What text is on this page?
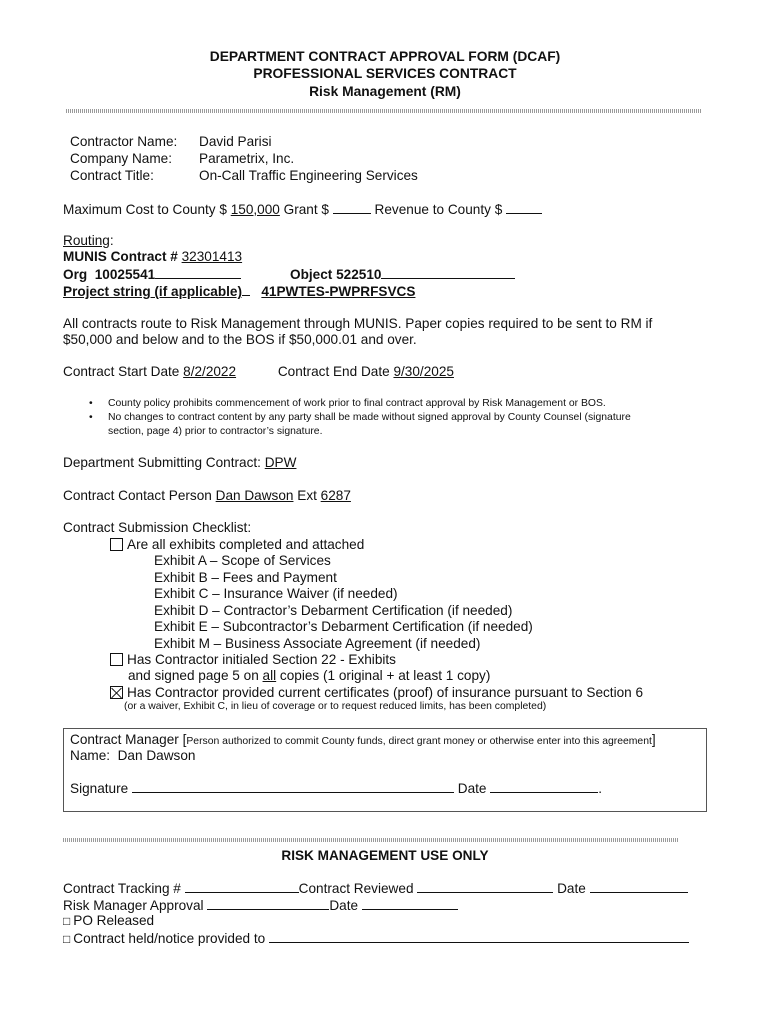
DEPARTMENT CONTRACT APPROVAL FORM (DCAF)
PROFESSIONAL SERVICES CONTRACT
Risk Management (RM)
Contractor Name: David Parisi
Company Name: Parametrix, Inc.
Contract Title:	On-Call Traffic Engineering Services
Maximum Cost to County $ 150,000 Grant $	Revenue to County $
Routing:
MUNIS Contract # 32301413
Org 10025541	Object 522510
Project string (if applicable) 41PWTES-PWPRFSVCS
All contracts route to Risk Management through MUNIS. Paper copies required to be sent to RM if
$50,000 and below and to the BOS if $50,000.01 and over.
Contract Start Date 8/2/2022	Contract End Date 9/30/2025
• County policy prohibits commencement of work prior to final contract approval by Risk Management or BOS.
• No changes to contract content by any party shall be made without signed approval by County Counsel (signature
section, page 4) prior to contractor’s signature.
Department Submitting Contract: DPW
Contract Contact Person Dan Dawson Ext 6287
Contract Submission Checklist:
Are all exhibits completed and attached
Exhibit A – Scope of Services
Exhibit B – Fees and Payment
Exhibit C – Insurance Waiver (if needed)
Exhibit D – Contractor’s Debarment Certification (if needed)
Exhibit E – Subcontractor’s Debarment Certification (if needed)
Exhibit M – Business Associate Agreement (if needed)
Has Contractor initialed Section 22 - Exhibits
and signed page 5 on all copies (1 original + at least 1 copy)
Has Contractor provided current certificates (proof) of insurance pursuant to Section 6
(or a waiver, Exhibit C, in lieu of coverage or to request reduced limits, has been completed)
Contract Manager [Person authorized to commit County funds, direct grant money or otherwise enter into this agreement]
Name: Dan Dawson
Signature	Date	.
RISK MANAGEMENT USE ONLY
Contract Tracking #	Contract Reviewed	Date
Risk Manager Approval	Date
□ PO Released
□ Contract held/notice provided to
